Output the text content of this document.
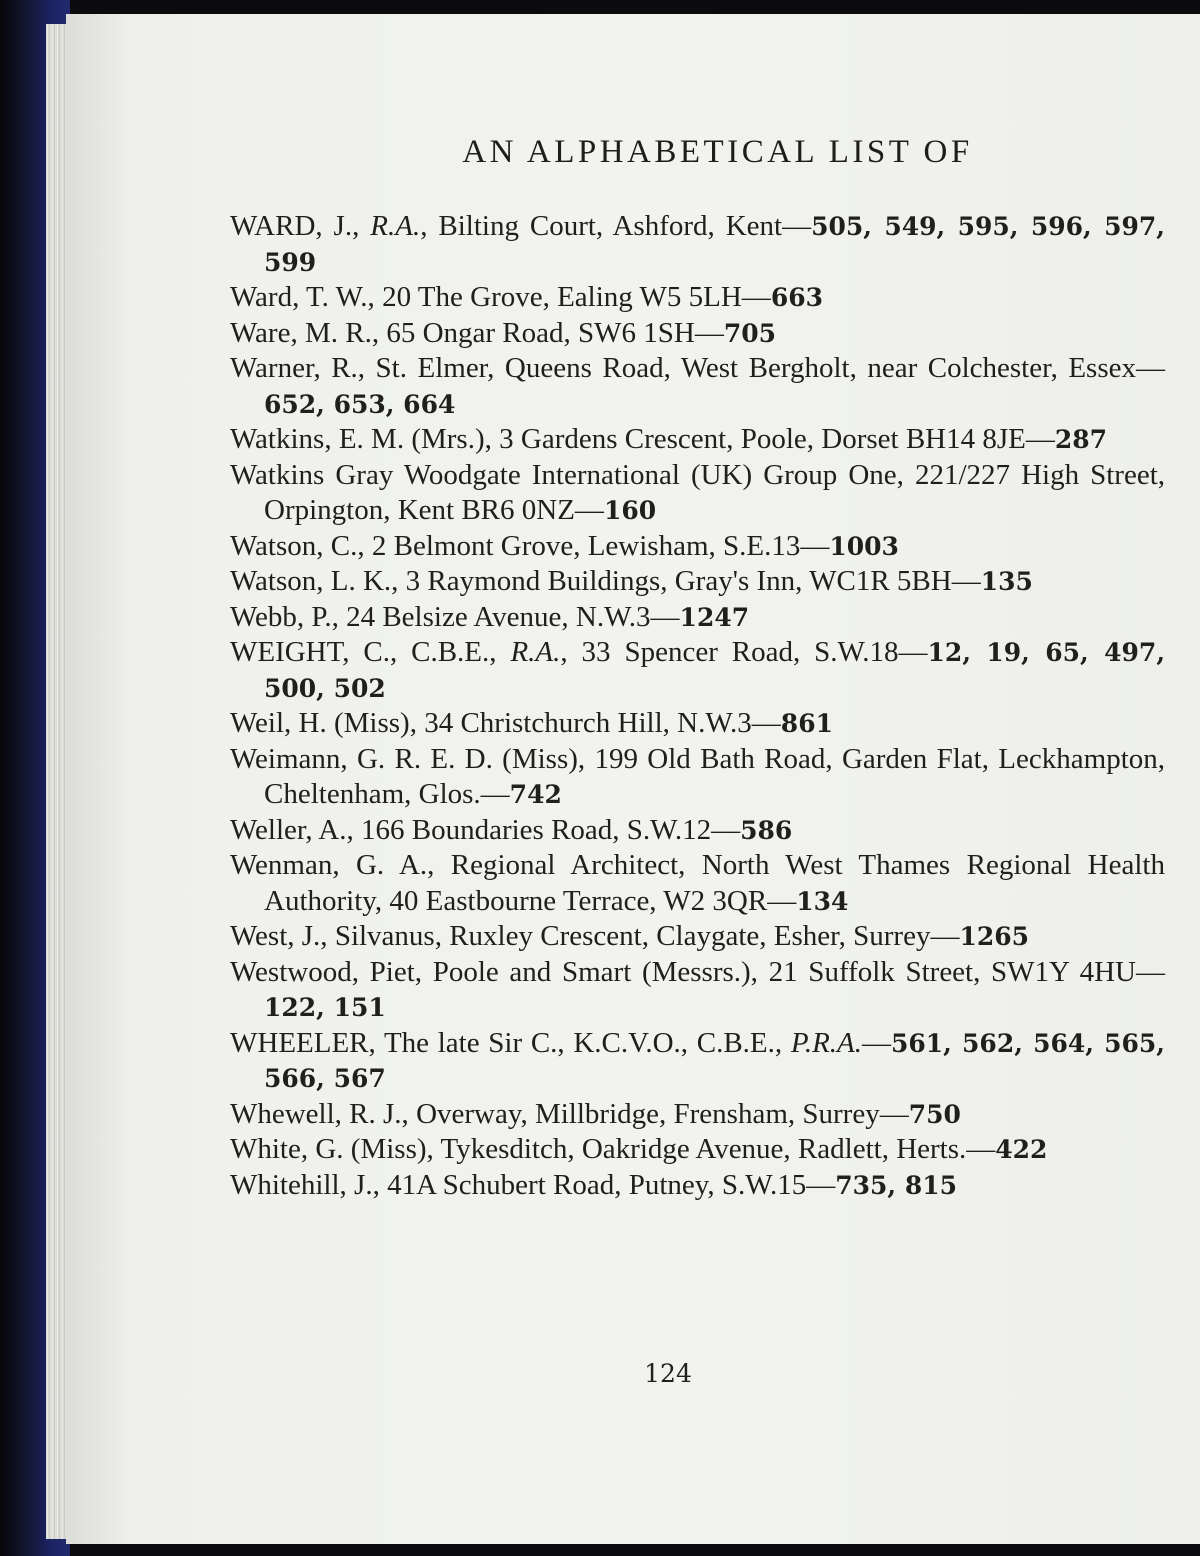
AN ALPHABETICAL LIST OF
WARD, J., R.A., Bilting Court, Ashford, Kent—505, 549, 595, 596, 597, 599
Ward, T. W., 20 The Grove, Ealing W5 5LH—663
Ware, M. R., 65 Ongar Road, SW6 1SH—705
Warner, R., St. Elmer, Queens Road, West Bergholt, near Colchester, Essex—652, 653, 664
Watkins, E. M. (Mrs.), 3 Gardens Crescent, Poole, Dorset BH14 8JE—287
Watkins Gray Woodgate International (UK) Group One, 221/227 High Street, Orpington, Kent BR6 0NZ—160
Watson, C., 2 Belmont Grove, Lewisham, S.E.13—1003
Watson, L. K., 3 Raymond Buildings, Gray's Inn, WC1R 5BH—135
Webb, P., 24 Belsize Avenue, N.W.3—1247
WEIGHT, C., C.B.E., R.A., 33 Spencer Road, S.W.18—12, 19, 65, 497, 500, 502
Weil, H. (Miss), 34 Christchurch Hill, N.W.3—861
Weimann, G. R. E. D. (Miss), 199 Old Bath Road, Garden Flat, Leckhampton, Cheltenham, Glos.—742
Weller, A., 166 Boundaries Road, S.W.12—586
Wenman, G. A., Regional Architect, North West Thames Regional Health Authority, 40 Eastbourne Terrace, W2 3QR—134
West, J., Silvanus, Ruxley Crescent, Claygate, Esher, Surrey—1265
Westwood, Piet, Poole and Smart (Messrs.), 21 Suffolk Street, SW1Y 4HU—122, 151
WHEELER, The late Sir C., K.C.V.O., C.B.E., P.R.A.—561, 562, 564, 565, 566, 567
Whewell, R. J., Overway, Millbridge, Frensham, Surrey—750
White, G. (Miss), Tykesditch, Oakridge Avenue, Radlett, Herts.—422
Whitehill, J., 41A Schubert Road, Putney, S.W.15—735, 815
124
